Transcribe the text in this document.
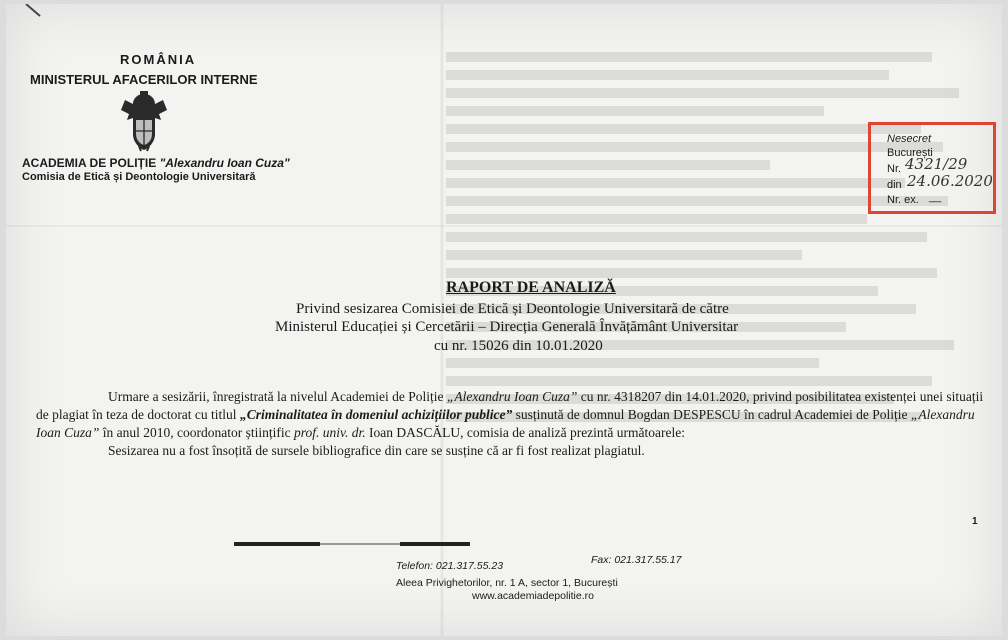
ROMÂNIA
MINISTERUL AFACERILOR INTERNE
ACADEMIA DE POLIȚIE "Alexandru Ioan Cuza"
Comisia de Etică și Deontologie Universitară
Nesecret
București
Nr. 4321/29
din 24.06.2020
Nr. ex. __
RAPORT DE ANALIZĂ
Privind sesizarea Comisiei de Etică și Deontologie Universitară de către
Ministerul Educației și Cercetării – Direcția Generală Învățământ Universitar
cu nr. 15026 din 10.01.2020

Urmare a sesizării, înregistrată la nivelul Academiei de Poliție „Alexandru Ioan Cuza” cu nr. 4318207 din 14.01.2020, privind posibilitatea existenței unei situații de plagiat în teza de doctorat cu titlul „Criminalitatea în domeniul achizițiilor publice” susținută de domnul Bogdan DESPESCU în cadrul Academiei de Poliție „Alexandru Ioan Cuza” în anul 2010, coordonator științific prof. univ. dr. Ioan DASCĂLU, comisia de analiză prezintă următoarele:

Sesizarea nu a fost însoțită de sursele bibliografice din care se susține că ar fi fost realizat plagiatul.

1
Telefon: 021.317.55.23	Fax: 021.317.55.17
Aleea Privighetorilor, nr. 1 A, sector 1, București
www.academiadepolitie.ro
